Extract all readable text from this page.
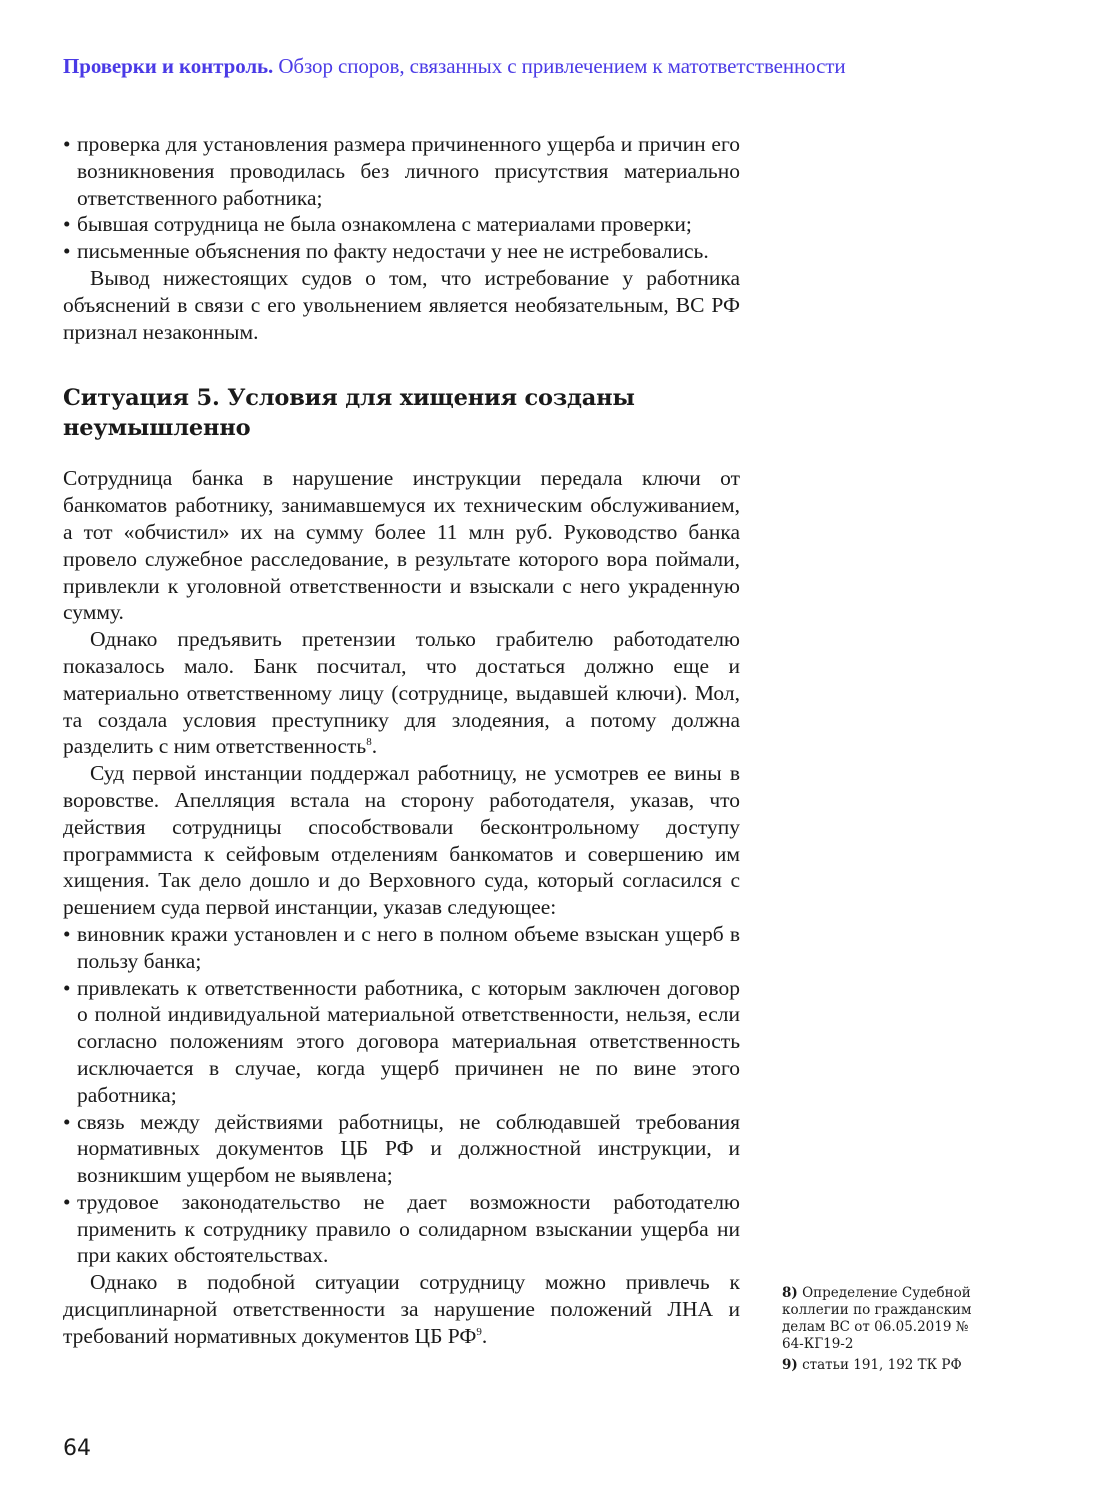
Проверки и контроль. Обзор споров, связанных с привлечением к матответственности
• проверка для установления размера причиненного ущерба и причин его возникновения проводилась без личного присутствия материально ответственного работника;
• бывшая сотрудница не была ознакомлена с материалами проверки;
• письменные объяснения по факту недостачи у нее не истребовались.

Вывод нижестоящих судов о том, что истребование у работника объяснений в связи с его увольнением является необязательным, ВС РФ признал незаконным.

Ситуация 5. Условия для хищения созданы неумышленно

Сотрудница банка в нарушение инструкции передала ключи от банкоматов работнику, занимавшемуся их техническим обслуживанием, а тот «обчистил» их на сумму более 11 млн руб. Руководство банка провело служебное расследование, в результате которого вора поймали, привлекли к уголовной ответственности и взыскали с него украденную сумму.

Однако предъявить претензии только грабителю работодателю показалось мало. Банк посчитал, что достаться должно еще и материально ответственному лицу (сотруднице, выдавшей ключи). Мол, та создала условия преступнику для злодеяния, а потому должна разделить с ним ответственность$^8$.

Суд первой инстанции поддержал работницу, не усмотрев ее вины в воровстве. Апелляция встала на сторону работодателя, указав, что действия сотрудницы способствовали бесконтрольному доступу программиста к сейфовым отделениям банкоматов и совершению им хищения. Так дело дошло и до Верховного суда, который согласился с решением суда первой инстанции, указав следующее:

• виновник кражи установлен и с него в полном объеме взыскан ущерб в пользу банка;
• привлекать к ответственности работника, с которым заключен договор о полной индивидуальной материальной ответственности, нельзя, если согласно положениям этого договора материальная ответственность исключается в случае, когда ущерб причинен не по вине этого работника;
• связь между действиями работницы, не соблюдавшей требования нормативных документов ЦБ РФ и должностной инструкции, и возникшим ущербом не выявлена;
• трудовое законодательство не дает возможности работодателю применить к сотруднику правило о солидарном взыскании ущерба ни при каких обстоятельствах.

Однако в подобной ситуации сотрудницу можно привлечь к дисциплинарной ответственности за нарушение положений ЛНА и требований нормативных документов ЦБ $РФ^9$.

8) Определение Судебной коллегии по гражданским делам ВС от 06.05.2019 № 64-КГ19-2

9) статьи 191, 192 ТК РФ

64
